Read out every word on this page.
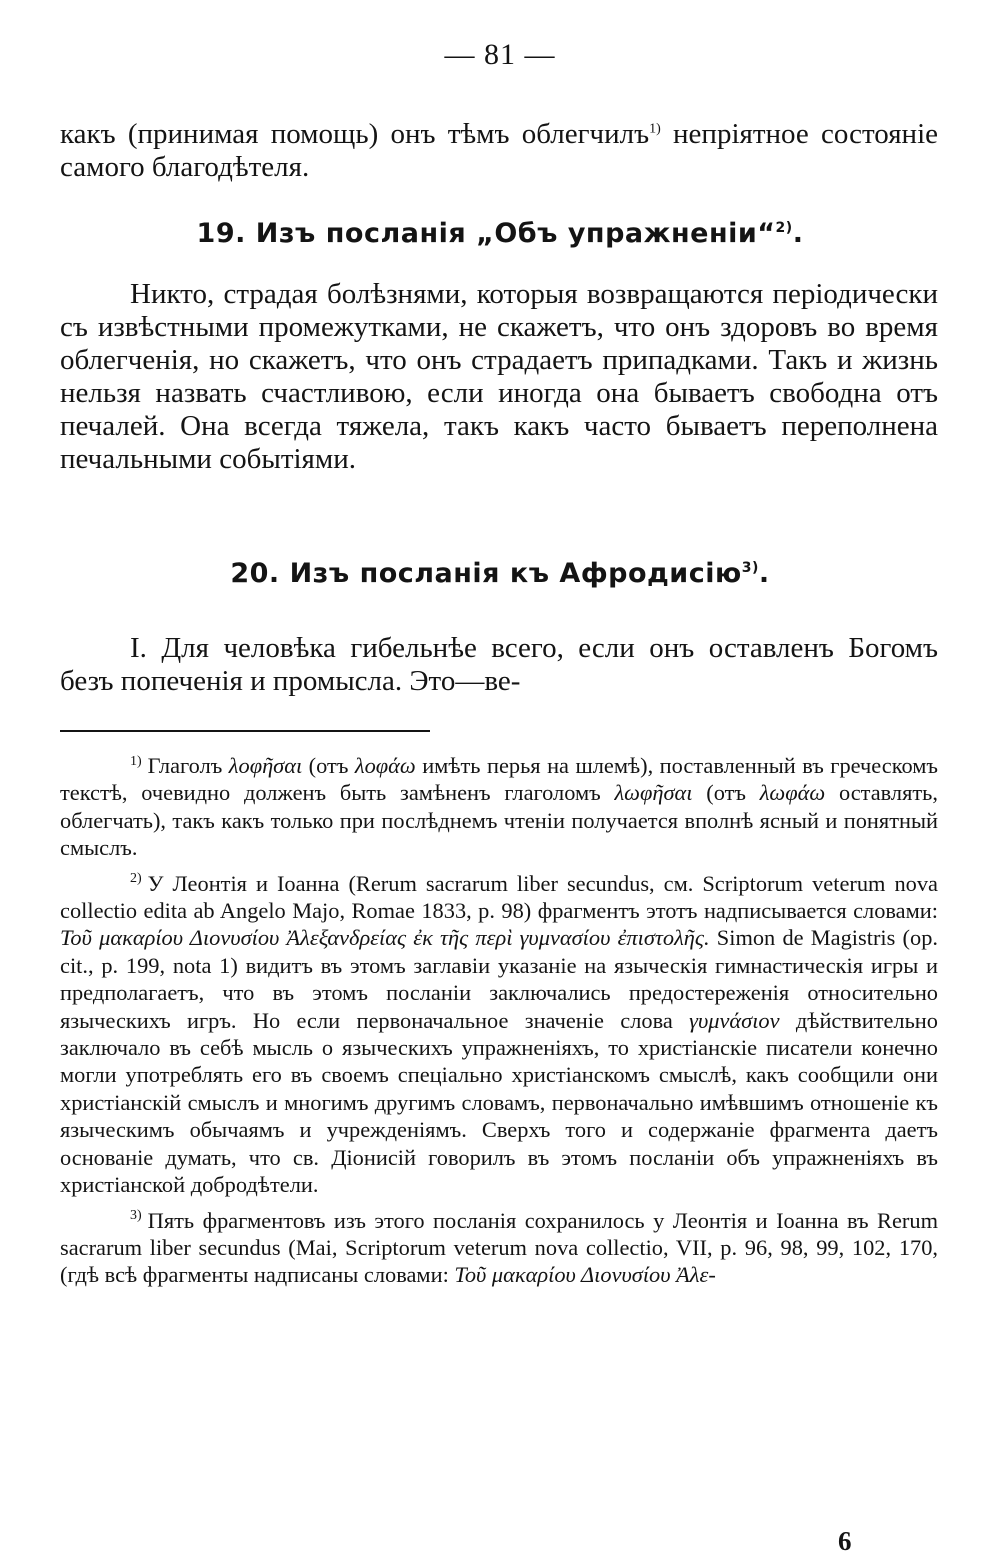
— 81 —

какъ (принимая помощь) онъ тѣмъ облегчилъ$^{1)}$ непріятное состояніе самого благодѣтеля.

19. Изъ посланія „Объ упражненіи“$^{2)}$.

Никто, страдая болѣзнями, которыя возвращаются періодически съ извѣстными промежутками, не скажетъ, что онъ здоровъ во время облегченія, но скажетъ, что онъ страдаетъ припадками. Такъ и жизнь нельзя назвать счастливою, если иногда она бываетъ свободна отъ печалей. Она всегда тяжела, такъ какъ часто бываетъ переполнена печальными событіями.

20. Изъ посланія къ Афродисію$^{3)}$.

I. Для человѣка гибельнѣе всего, если онъ оставленъ Богомъ безъ попеченія и промысла. Это—ве-

$^{1)}$ Глаголъ λοφῆσαι (отъ λοφάω имѣть перья на шлемѣ), поставленный въ греческомъ текстѣ, очевидно долженъ быть замѣненъ глаголомъ λωφῆσαι (отъ λωφάω оставлять, облегчать), такъ какъ только при послѣднемъ чтеніи получается вполнѣ ясный и понятный смыслъ.

$^{2)}$ У Леонтія и Іоанна (Rerum sacrarum liber secundus, см. Scriptorum veterum nova collectio edita ab Angelo Majo, Romae 1833, p. 98) фрагментъ этотъ надписывается словами: Τοῦ μακαρίου Διονυσίου Ἀλεξανδρείας ἐκ τῆς περὶ γυμνασίου ἐπιστολῆς. Simon de Magistris (op. cit., p. 199, nota 1) видитъ въ этомъ заглавіи указаніе на языческія гимнастическія игры и предполагаетъ, что въ этомъ посланіи заключались предостереженія относительно языческихъ игръ. Но если первоначальное значеніе слова γυμνάσιον дѣйствительно заключало въ себѣ мысль о языческихъ упражненіяхъ, то христіанскіе писатели конечно могли употреблять его въ своемъ спеціально христіанскомъ смыслѣ, какъ сообщили они христіанскій смыслъ и многимъ другимъ словамъ, первоначально имѣвшимъ отношеніе къ языческимъ обычаямъ и учрежденіямъ. Сверхъ того и содержаніе фрагмента даетъ основаніе думать, что св. Діонисій говорилъ въ этомъ посланіи объ упражненіяхъ въ христіанской добродѣтели.

$^{3)}$ Пять фрагментовъ изъ этого посланія сохранилось у Леонтія и Іоанна въ Rerum sacrarum liber secundus (Mai, Scriptorum veterum nova collectio, VII, p. 96, 98, 99, 102, 170, (гдѣ всѣ фрагменты надписаны словами: Τοῦ μακαρίου Διονυσίου Ἀλε-

6
